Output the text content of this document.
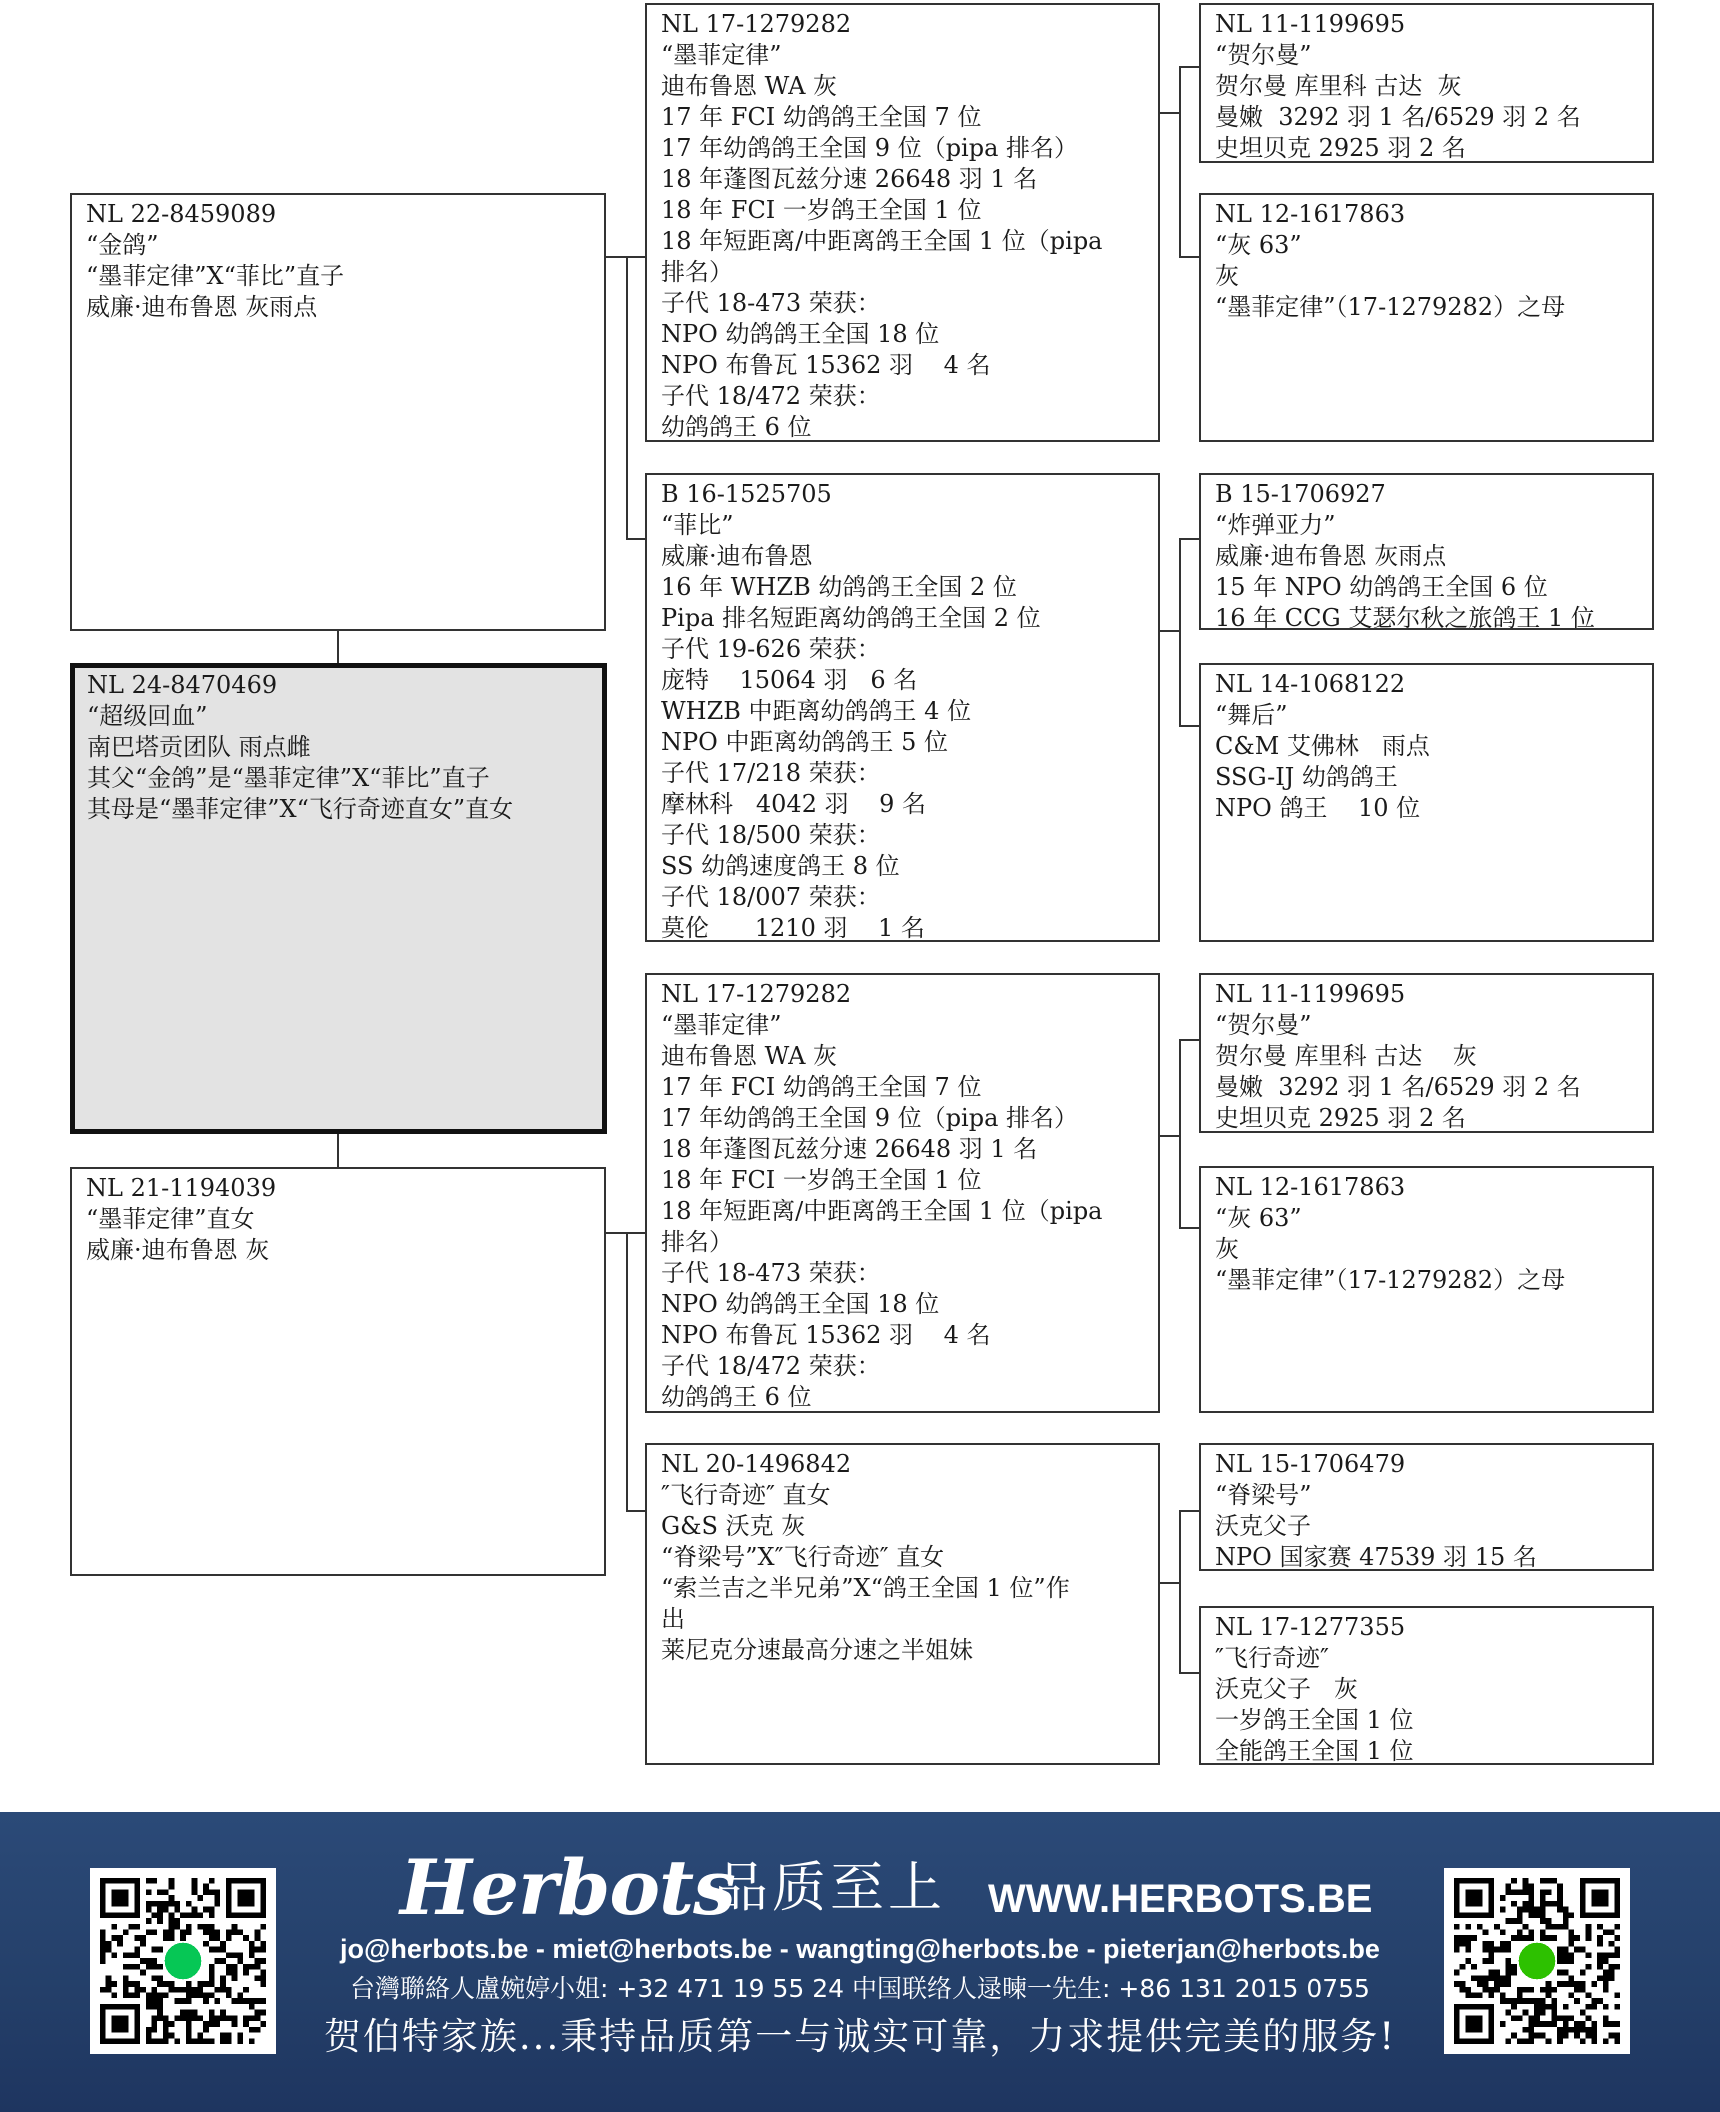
NL 11-1199695
“贺尔曼”
贺尔曼 库里科 古达  灰
曼嫩  3292 羽 1 名/6529 羽 2 名
史坦贝克 2925 羽 2 名
NL 12-1617863
“灰 63”
灰
“墨菲定律”（17-1279282）之母
NL 17-1279282
“墨菲定律”
迪布鲁恩 WA 灰
17 年 FCI 幼鸽鸽王全国 7 位
17 年幼鸽鸽王全国 9 位（pipa 排名）
18 年蓬图瓦兹分速 26648 羽 1 名
18 年 FCI 一岁鸽王全国 1 位
18 年短距离/中距离鸽王全国 1 位（pipa
排名）
子代 18-473 荣获：
NPO 幼鸽鸽王全国 18 位
NPO 布鲁瓦 15362 羽    4 名
子代 18/472 荣获：
幼鸽鸽王 6 位
NL 22-8459089
“金鸽”
“墨菲定律”X“菲比”直子
威廉·迪布鲁恩 灰雨点
B 16-1525705
“菲比”
威廉·迪布鲁恩
16 年 WHZB 幼鸽鸽王全国 2 位
Pipa 排名短距离幼鸽鸽王全国 2 位
子代 19-626 荣获：
庞特    15064 羽   6 名
WHZB 中距离幼鸽鸽王 4 位
NPO 中距离幼鸽鸽王 5 位
子代 17/218 荣获：
摩林科   4042 羽    9 名
子代 18/500 荣获：
SS 幼鸽速度鸽王 8 位
子代 18/007 荣获：
莫伦      1210 羽    1 名
B 15-1706927
“炸弹亚力”
威廉·迪布鲁恩 灰雨点
15 年 NPO 幼鸽鸽王全国 6 位
16 年 CCG 艾瑟尔秋之旅鸽王 1 位
NL 14-1068122
“舞后”
C&M 艾佛林   雨点
SSG-IJ 幼鸽鸽王
NPO 鸽王    10 位
NL 24-8470469
“超级回血”
南巴塔贡团队 雨点雌
其父“金鸽”是“墨菲定律”X“菲比”直子
其母是“墨菲定律”X“飞行奇迹直女”直女
NL 17-1279282
“墨菲定律”
迪布鲁恩 WA 灰
17 年 FCI 幼鸽鸽王全国 7 位
17 年幼鸽鸽王全国 9 位（pipa 排名）
18 年蓬图瓦兹分速 26648 羽 1 名
18 年 FCI 一岁鸽王全国 1 位
18 年短距离/中距离鸽王全国 1 位（pipa
排名）
子代 18-473 荣获：
NPO 幼鸽鸽王全国 18 位
NPO 布鲁瓦 15362 羽    4 名
子代 18/472 荣获：
幼鸽鸽王 6 位
NL 11-1199695
“贺尔曼”
贺尔曼 库里科 古达    灰
曼嫩  3292 羽 1 名/6529 羽 2 名
史坦贝克 2925 羽 2 名
NL 12-1617863
“灰 63”
灰
“墨菲定律”（17-1279282）之母
NL 21-1194039
“墨菲定律”直女
威廉·迪布鲁恩 灰
NL 20-1496842
″飞行奇迹″ 直女
G&S 沃克 灰
“脊梁号”X″飞行奇迹″ 直女
“索兰吉之半兄弟”X“鸽王全国 1 位”作
出
莱尼克分速最高分速之半姐妹
NL 15-1706479
“脊梁号”
沃克父子
NPO 国家赛 47539 羽 15 名
NL 17-1277355
″飞行奇迹″
沃克父子   灰
一岁鸽王全国 1 位
全能鸽王全国 1 位
Herbots
品质至上 WWW.HERBOTS.BE
jo@herbots.be - miet@herbots.be - wangting@herbots.be - pieterjan@herbots.be
台灣聯絡人盧婉婷小姐: +32 471 19 55 24 中国联络人逯暕一先生: +86 131 2015 0755
贺伯特家族...秉持品质第一与诚实可靠，力求提供完美的服务!
